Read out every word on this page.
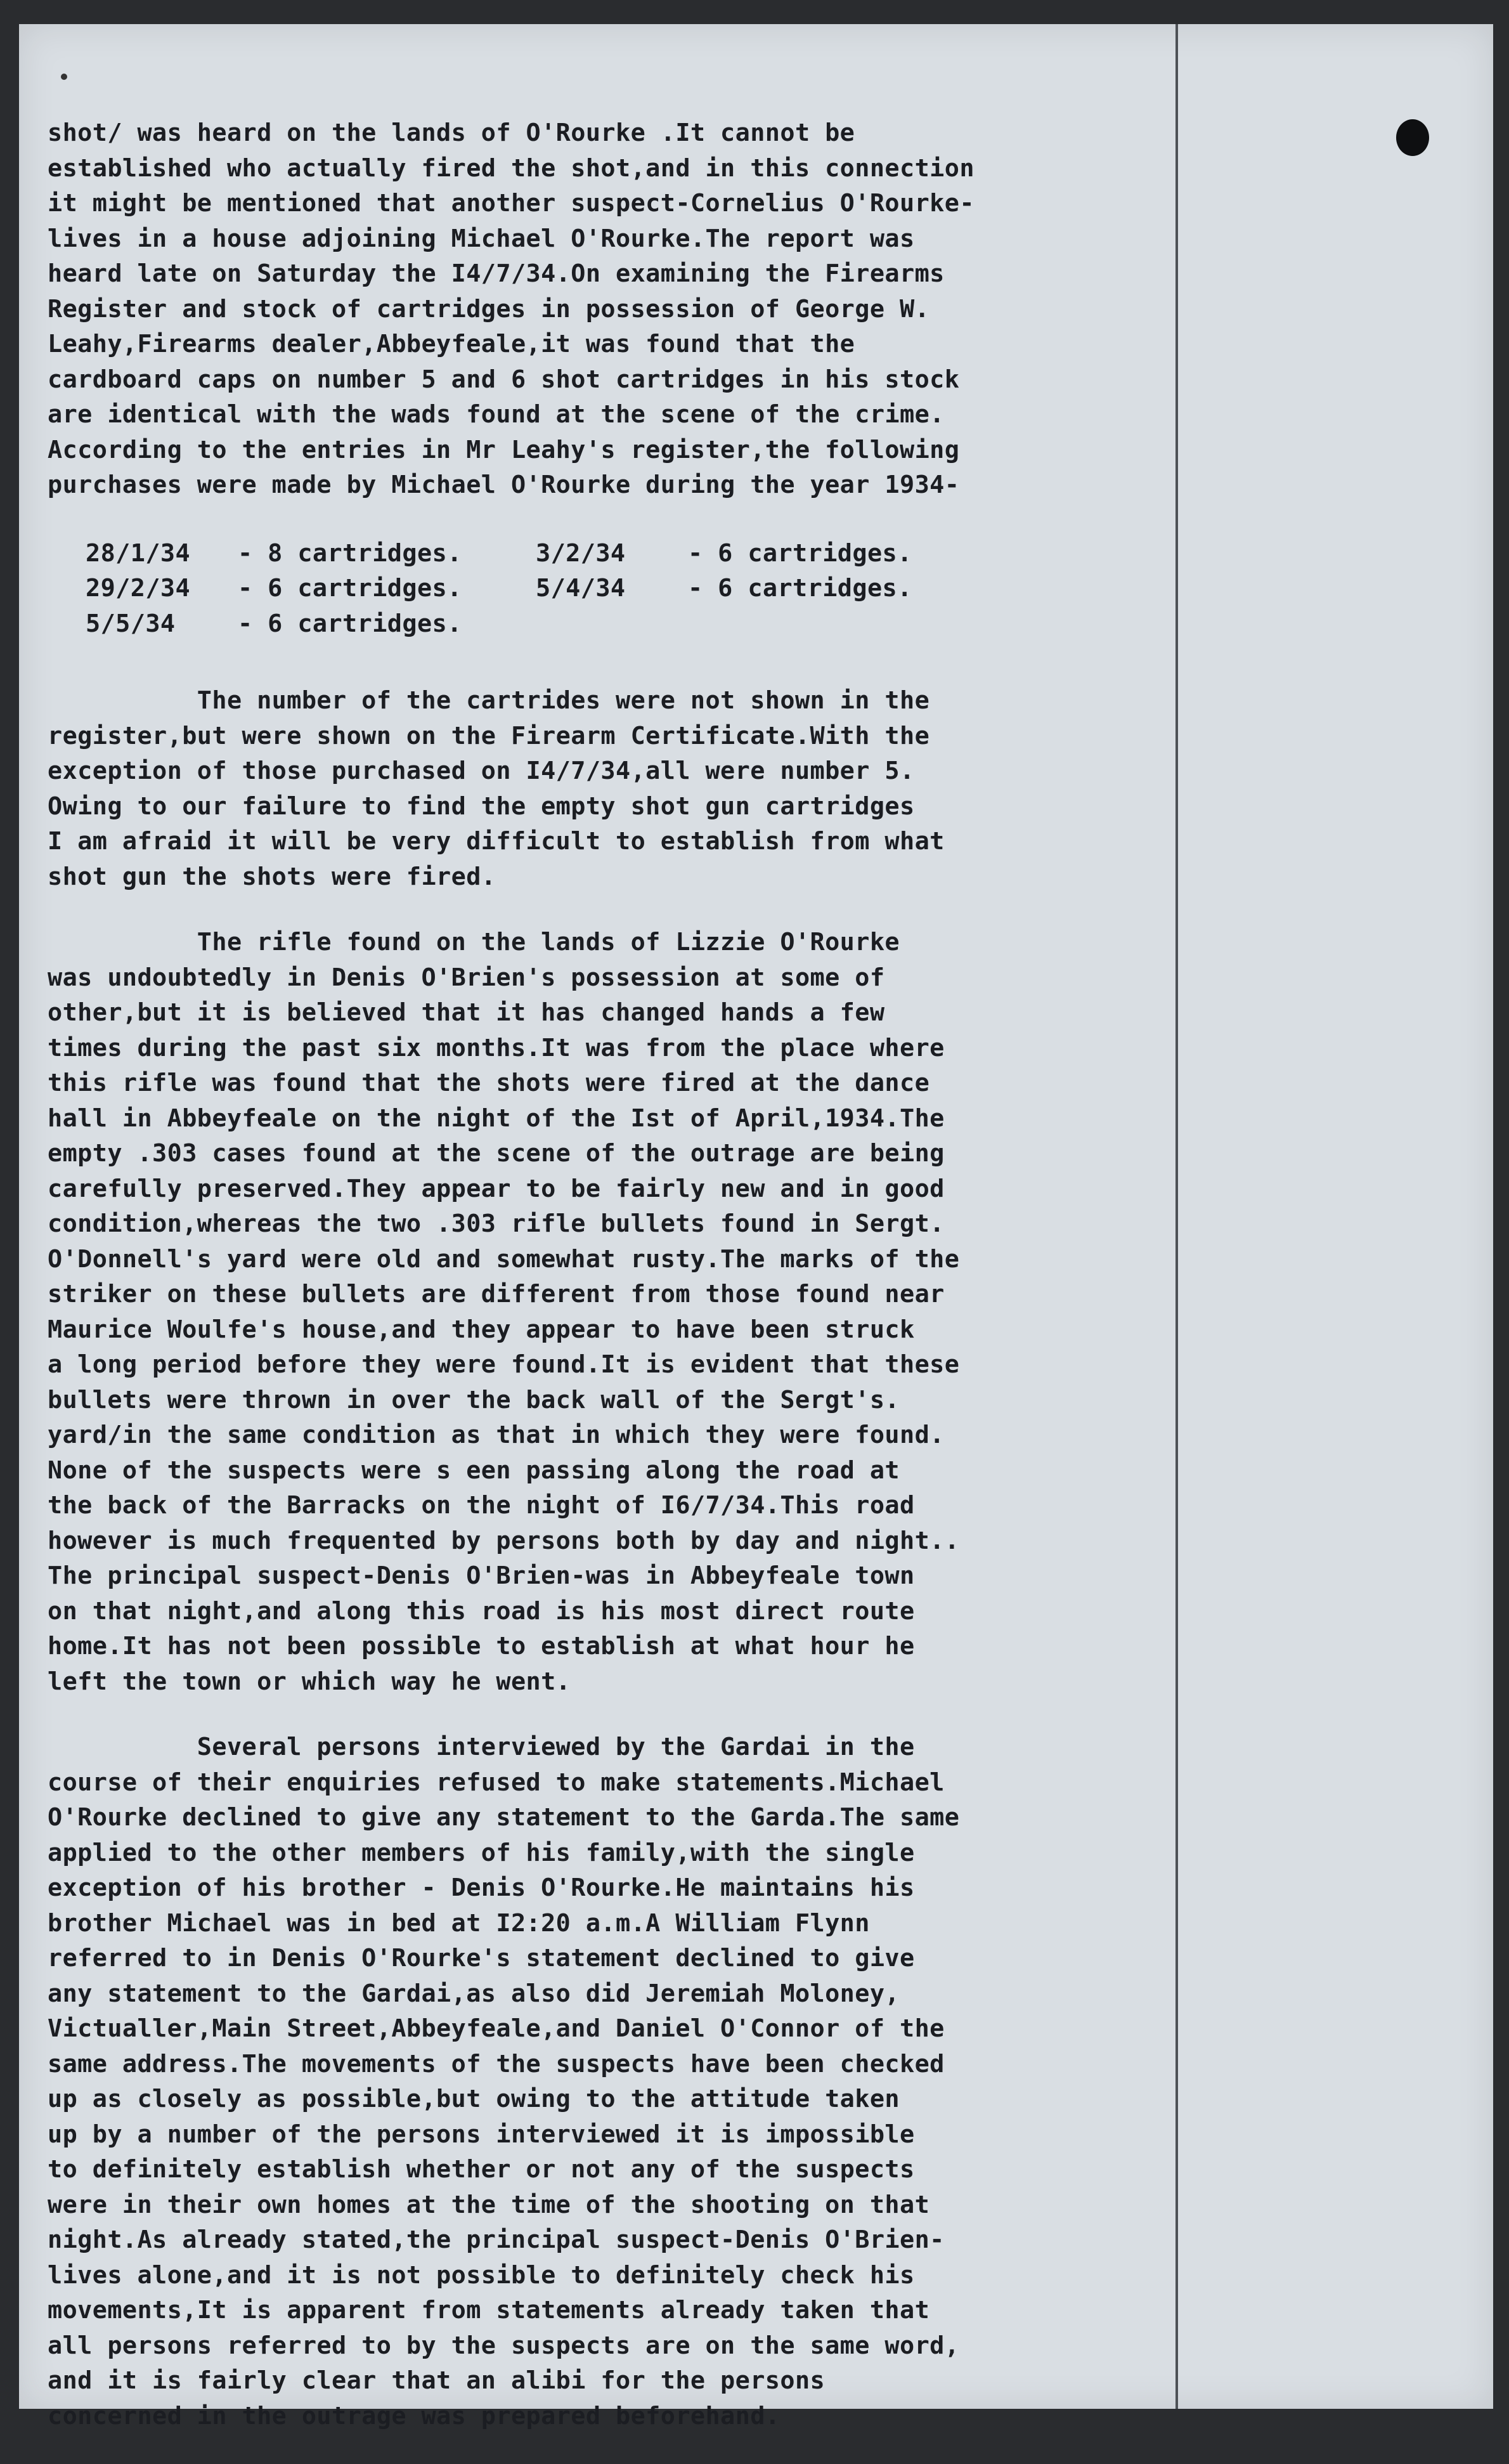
shot/ was heard on the lands of O'Rourke .It cannot be
established who actually fired the shot,and in this connection
it might be mentioned that another suspect-Cornelius O'Rourke-
lives in a house adjoining Michael O'Rourke.The report was
heard late on Saturday the I4/7/34.On examining the Firearms
Register and stock of cartridges in possession of George W.
Leahy,Firearms dealer,Abbeyfeale,it was found that the
cardboard caps on number 5 and 6 shot cartridges in his stock
are identical with the wads found at the scene of the crime.
According to the entries in Mr Leahy's register,the following
purchases were made by Michael O'Rourke during the year 1934-
28/1/34 - 8 cartridges.	3/2/34	- 6 cartridges.
29/2/34 - 6 cartridges.	5/4/34	- 6 cartridges.
5/5/34	- 6 cartridges.
The number of the cartrides were not shown in the
register,but were shown on the Firearm Certificate.With the
exception of those purchased on I4/7/34,all were number 5.
Owing to our failure to find the empty shot gun cartridges
I am afraid it will be very difficult to establish from what
shot gun the shots were fired.
The rifle found on the lands of Lizzie O'Rourke
was undoubtedly in Denis O'Brien's possession at some of
other,but it is believed that it has changed hands a few
times during the past six months.It was from the place where
this rifle was found that the shots were fired at the dance
hall in Abbeyfeale on the night of the Ist of April,1934.The
empty .303 cases found at the scene of the outrage are being
carefully preserved.They appear to be fairly new and in good
condition,whereas the two .303 rifle bullets found in Sergt.
O'Donnell's yard were old and somewhat rusty.The marks of the
striker on these bullets are different from those found near
Maurice Woulfe's house,and they appear to have been struck
a long period before they were found.It is evident that these
bullets were thrown in over the back wall of the Sergt's.
yard/in the same condition as that in which they were found.
None of the suspects were s een passing along the road at
the back of the Barracks on the night of I6/7/34.This road
however is much frequented by persons both by day and night..
The principal suspect-Denis O'Brien-was in Abbeyfeale town
on that night,and along this road is his most direct route
home.It has not been possible to establish at what hour he
left the town or which way he went.
Several persons interviewed by the Gardai in the
course of their enquiries refused to make statements.Michael
O'Rourke declined to give any statement to the Garda.The same
applied to the other members of his family,with the single
exception of his brother - Denis O'Rourke.He maintains his
brother Michael was in bed at I2:20 a.m.A William Flynn
referred to in Denis O'Rourke's statement declined to give
any statement to the Gardai,as also did Jeremiah Moloney,
Victualler,Main Street,Abbeyfeale,and Daniel O'Connor of the
same address.The movements of the suspects have been checked
up as closely as possible,but owing to the attitude taken
up by a number of the persons interviewed it is impossible
to definitely establish whether or not any of the suspects
were in their own homes at the time of the shooting on that
night.As already stated,the principal suspect-Denis O'Brien-
lives alone,and it is not possible to definitely check his
movements,It is apparent from statements already taken that
all persons referred to by the suspects are on the same word,
and it is fairly clear that an alibi for the persons
concerned in the outrage was prepared beforehand.
